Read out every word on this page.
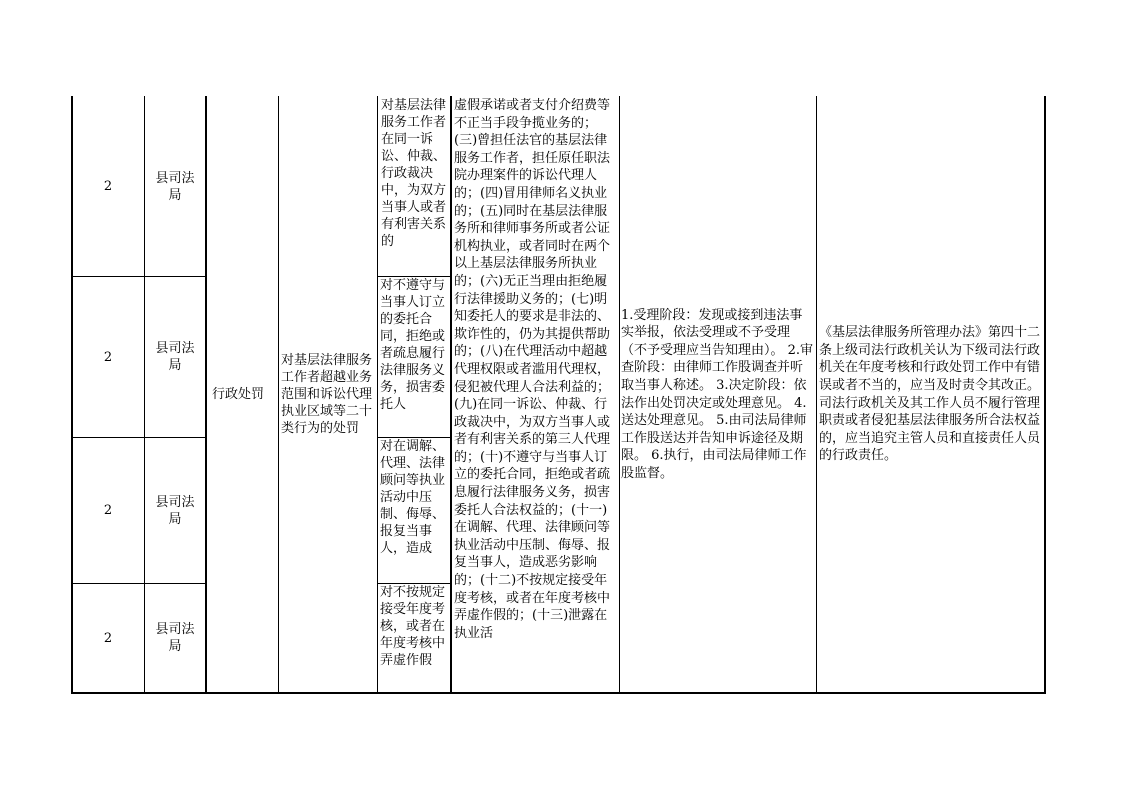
2
2
2
2
县司法局
县司法局
县司法局
县司法局
行政处罚
对基层法律服务工作者超越业务范围和诉讼代理执业区域等二十类行为的处罚
对基层法律服务工作者在同一诉讼、仲裁、行政裁决中，为双方当事人或者有利害关系的
对不遵守与当事人订立的委托合同，拒绝或者疏息履行法律服务义务，损害委托人
对在调解、代理、法律顾问等执业活动中压制、侮辱、报复当事人，造成
对不按规定接受年度考核，或者在年度考核中弄虚作假
虚假承诺或者支付介绍费等不正当手段争揽业务的；(三)曾担任法官的基层法律服务工作者，担任原任职法院办理案件的诉讼代理人的；(四)冒用律师名义执业的；(五)同时在基层法律服务所和律师事务所或者公证机构执业，或者同时在两个以上基层法律服务所执业的；(六)无正当理由拒绝履行法律援助义务的；(七)明知委托人的要求是非法的、欺诈性的，仍为其提供帮助的；(八)在代理活动中超越代理权限或者滥用代理权，侵犯被代理人合法利益的；(九)在同一诉讼、仲裁、行政裁决中，为双方当事人或者有利害关系的第三人代理的；(十)不遵守与当事人订立的委托合同，拒绝或者疏息履行法律服务义务，损害委托人合法权益的；(十一)在调解、代理、法律顾问等执业活动中压制、侮辱、报复当事人，造成恶劣影响的；(十二)不按规定接受年度考核，或者在年度考核中弄虚作假的；(十三)泄露在执业活
1.受理阶段：发现或接到违法事实举报，依法受理或不予受理（不予受理应当告知理由）。 2.审查阶段：由律师工作股调查并听取当事人称述。 3.决定阶段：依法作出处罚决定或处理意见。 4.送达处理意见。 5.由司法局律师工作股送达并告知申诉途径及期限。 6.执行，由司法局律师工作股监督。
《基层法律服务所管理办法》第四十二条上级司法行政机关认为下级司法行政机关在年度考核和行政处罚工作中有错误或者不当的，应当及时责令其改正。
司法行政机关及其工作人员不履行管理职责或者侵犯基层法律服务所合法权益的，应当追究主管人员和直接责任人员的行政责任。
